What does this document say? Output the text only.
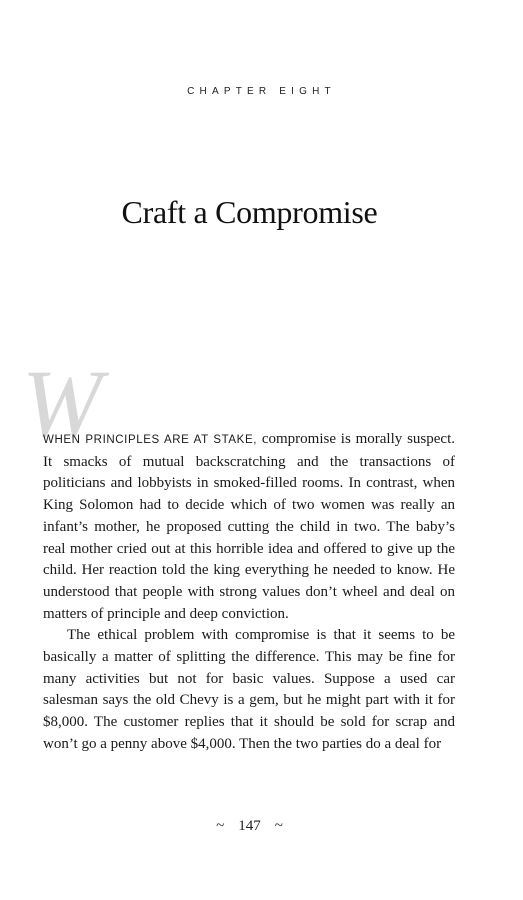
CHAPTER EIGHT
Craft a Compromise
W

WHEN PRINCIPLES ARE AT STAKE, compromise is morally suspect. It smacks of mutual backscratching and the transactions of politicians and lobbyists in smoked-filled rooms. In contrast, when King Solomon had to decide which of two women was really an infant’s mother, he proposed cutting the child in two. The baby’s real mother cried out at this horrible idea and offered to give up the child. Her reaction told the king everything he needed to know. He understood that people with strong values don’t wheel and deal on matters of principle and deep conviction.

The ethical problem with compromise is that it seems to be basically a matter of splitting the difference. This may be fine for many activities but not for basic values. Suppose a used car salesman says the old Chevy is a gem, but he might part with it for $8,000. The customer replies that it should be sold for scrap and won’t go a penny above $4,000. Then the two parties do a deal for

~ 147 ~
